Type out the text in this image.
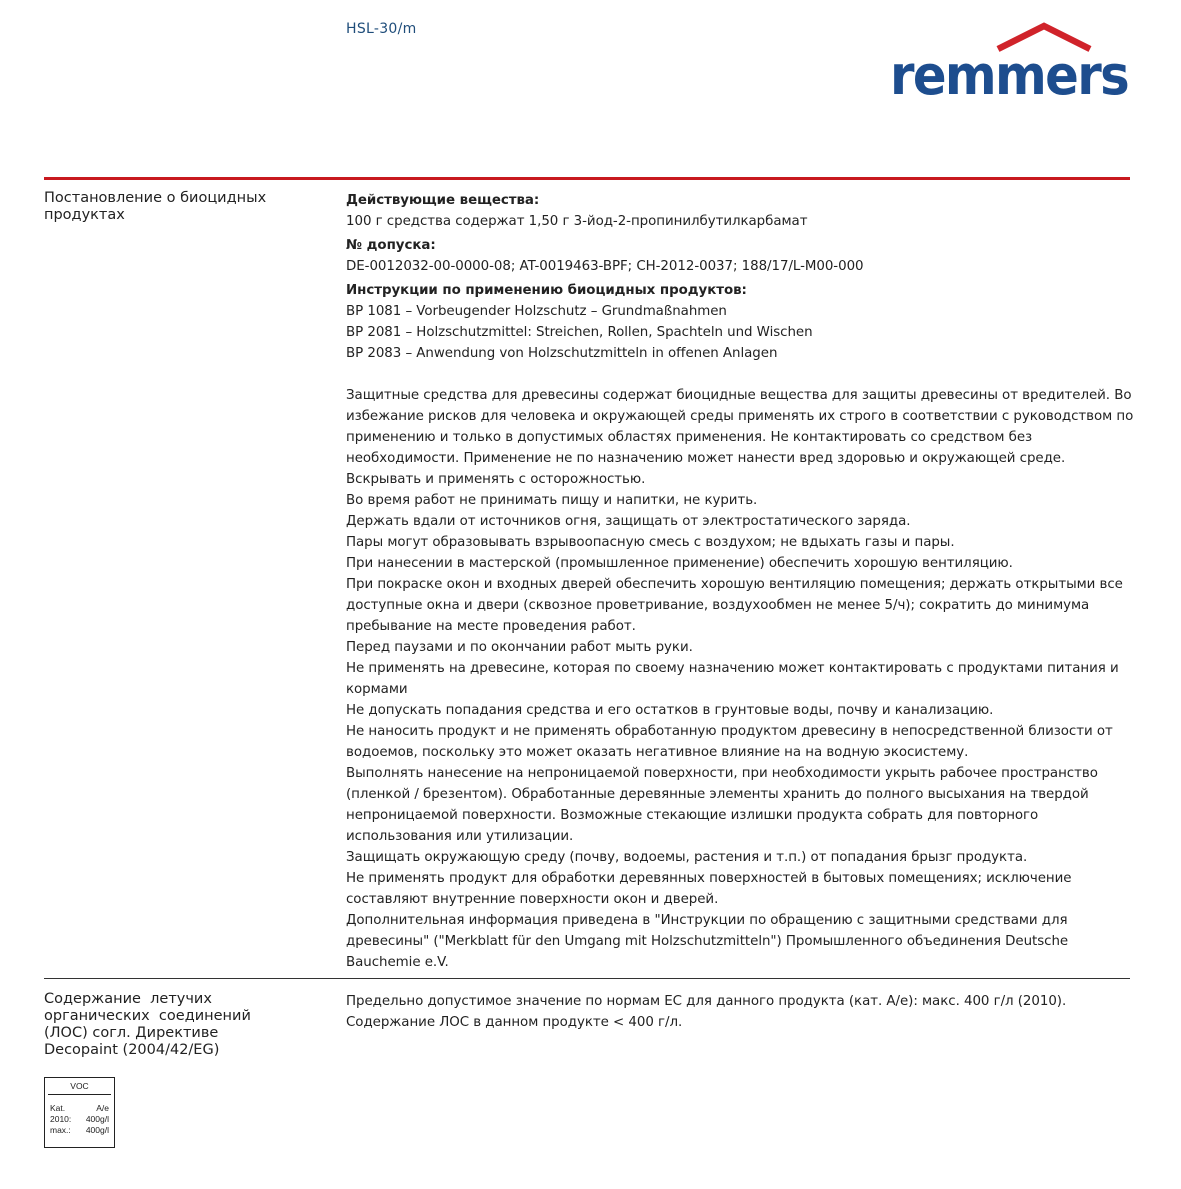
HSL-30/m
remmers
Постановление о биоцидных
продуктах
Действующие вещества:
100 г средства содержат 1,50 г 3-йод-2-пропинилбутилкарбамат
№ допуска:
DE-0012032-00-0000-08; AT-0019463-BPF; CH-2012-0037; 188/17/L-M00-000
Инструкции по применению биоцидных продуктов:
BP 1081 – Vorbeugender Holzschutz – Grundmaßnahmen
BP 2081 – Holzschutzmittel: Streichen, Rollen, Spachteln und Wischen
BP 2083 – Anwendung von Holzschutzmitteln in offenen Anlagen
Защитные средства для древесины содержат биоцидные вещества для защиты древесины от вредителей. Во
избежание рисков для человека и окружающей среды применять их строго в соответствии с руководством по
применению и только в допустимых областях применения. Не контактировать со средством без
необходимости. Применение не по назначению может нанести вред здоровью и окружающей среде.
Вскрывать и применять с осторожностью.
Во время работ не принимать пищу и напитки, не курить.
Держать вдали от источников огня, защищать от электростатического заряда.
Пары могут образовывать взрывоопасную смесь с воздухом; не вдыхать газы и пары.
При нанесении в мастерской (промышленное применение) обеспечить хорошую вентиляцию.
При покраске окон и входных дверей обеспечить хорошую вентиляцию помещения; держать открытыми все
доступные окна и двери (сквозное проветривание, воздухообмен не менее 5/ч); сократить до минимума
пребывание на месте проведения работ.
Перед паузами и по окончании работ мыть руки.
Не применять на древесине, которая по своему назначению может контактировать с продуктами питания и
кормами
Не допускать попадания средства и его остатков в грунтовые воды, почву и канализацию.
Не наносить продукт и не применять обработанную продуктом древесину в непосредственной близости от
водоемов, поскольку это может оказать негативное влияние на на водную экосистему.
Выполнять нанесение на непроницаемой поверхности, при необходимости укрыть рабочее пространство
(пленкой / брезентом). Обработанные деревянные элементы хранить до полного высыхания на твердой
непроницаемой поверхности. Возможные стекающие излишки продукта собрать для повторного
использования или утилизации.
Защищать окружающую среду (почву, водоемы, растения и т.п.) от попадания брызг продукта.
Не применять продукт для обработки деревянных поверхностей в бытовых помещениях; исключение
составляют внутренние поверхности окон и дверей.
Дополнительная информация приведена в "Инструкции по обращению с защитными средствами для
древесины" ("Merkblatt für den Umgang mit Holzschutzmitteln") Промышленного объединения Deutsche
Bauchemie e.V.
Содержание  летучих
органических  соединений
(ЛОС) согл. Директиве
Decopaint (2004/42/EG)
Предельно допустимое значение по нормам ЕС для данного продукта (кат. A/e): макс. 400 г/л (2010).
Содержание ЛОС в данном продукте < 400 г/л.
VOC
Kat.	A/e
2010: 400g/l
max.: 400g/l
